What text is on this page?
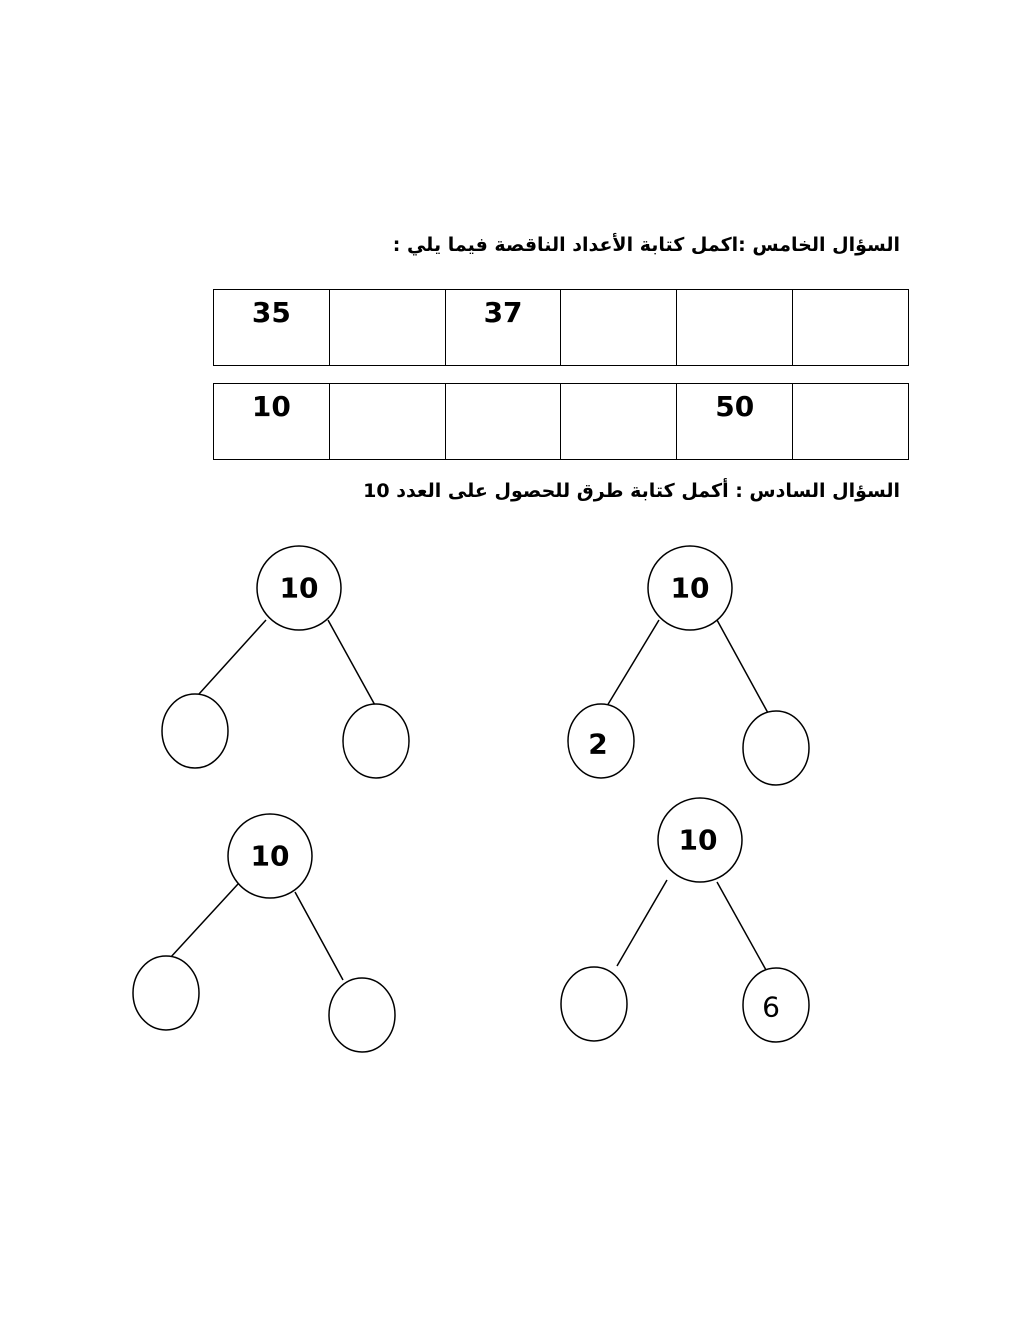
السؤال الخامس :اكمل كتابة الأعداد الناقصة فيما يلي :
35		37			
10				50	
السؤال السادس : أكمل كتابة طرق للحصول على العدد 10
10	10
2
10	10
6
